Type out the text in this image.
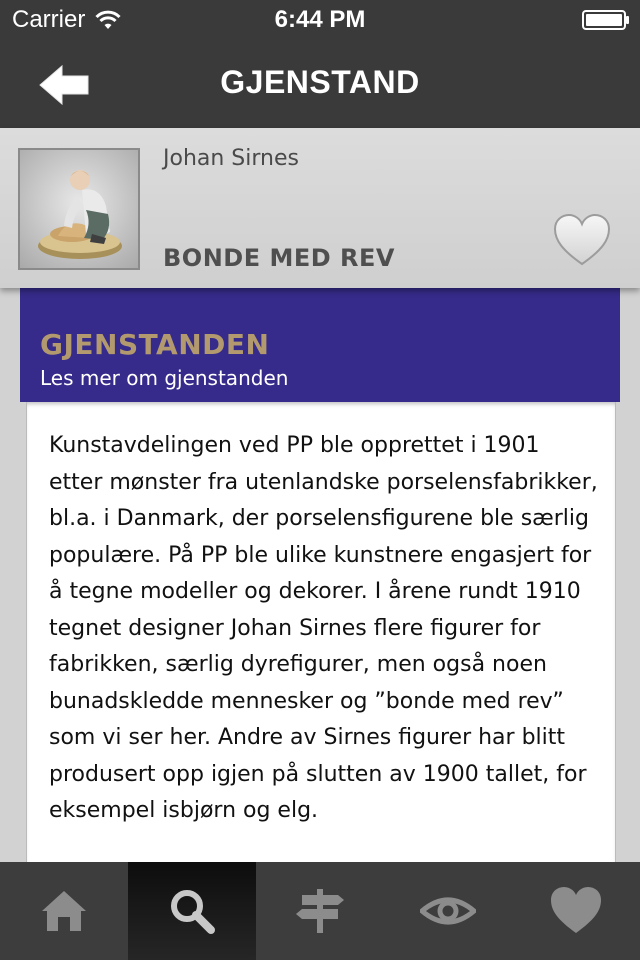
Carrier	6:44 PM
GJENSTAND
Johan Sirnes
BONDE MED REV
GJENSTANDEN
Les mer om gjenstanden

Kunstavdelingen ved PP ble opprettet i 1901 etter mønster fra utenlandske porselensfabrikker, bl.a. i Danmark, der porselensfigurene ble særlig populære. På PP ble ulike kunstnere engasjert for å tegne modeller og dekorer. I årene rundt 1910 tegnet designer Johan Sirnes flere figurer for fabrikken, særlig dyrefigurer, men også noen bunadskledde mennesker og ”bonde med rev” som vi ser her. Andre av Sirnes figurer har blitt produsert opp igjen på slutten av 1900 tallet, for eksempel isbjørn og elg.
